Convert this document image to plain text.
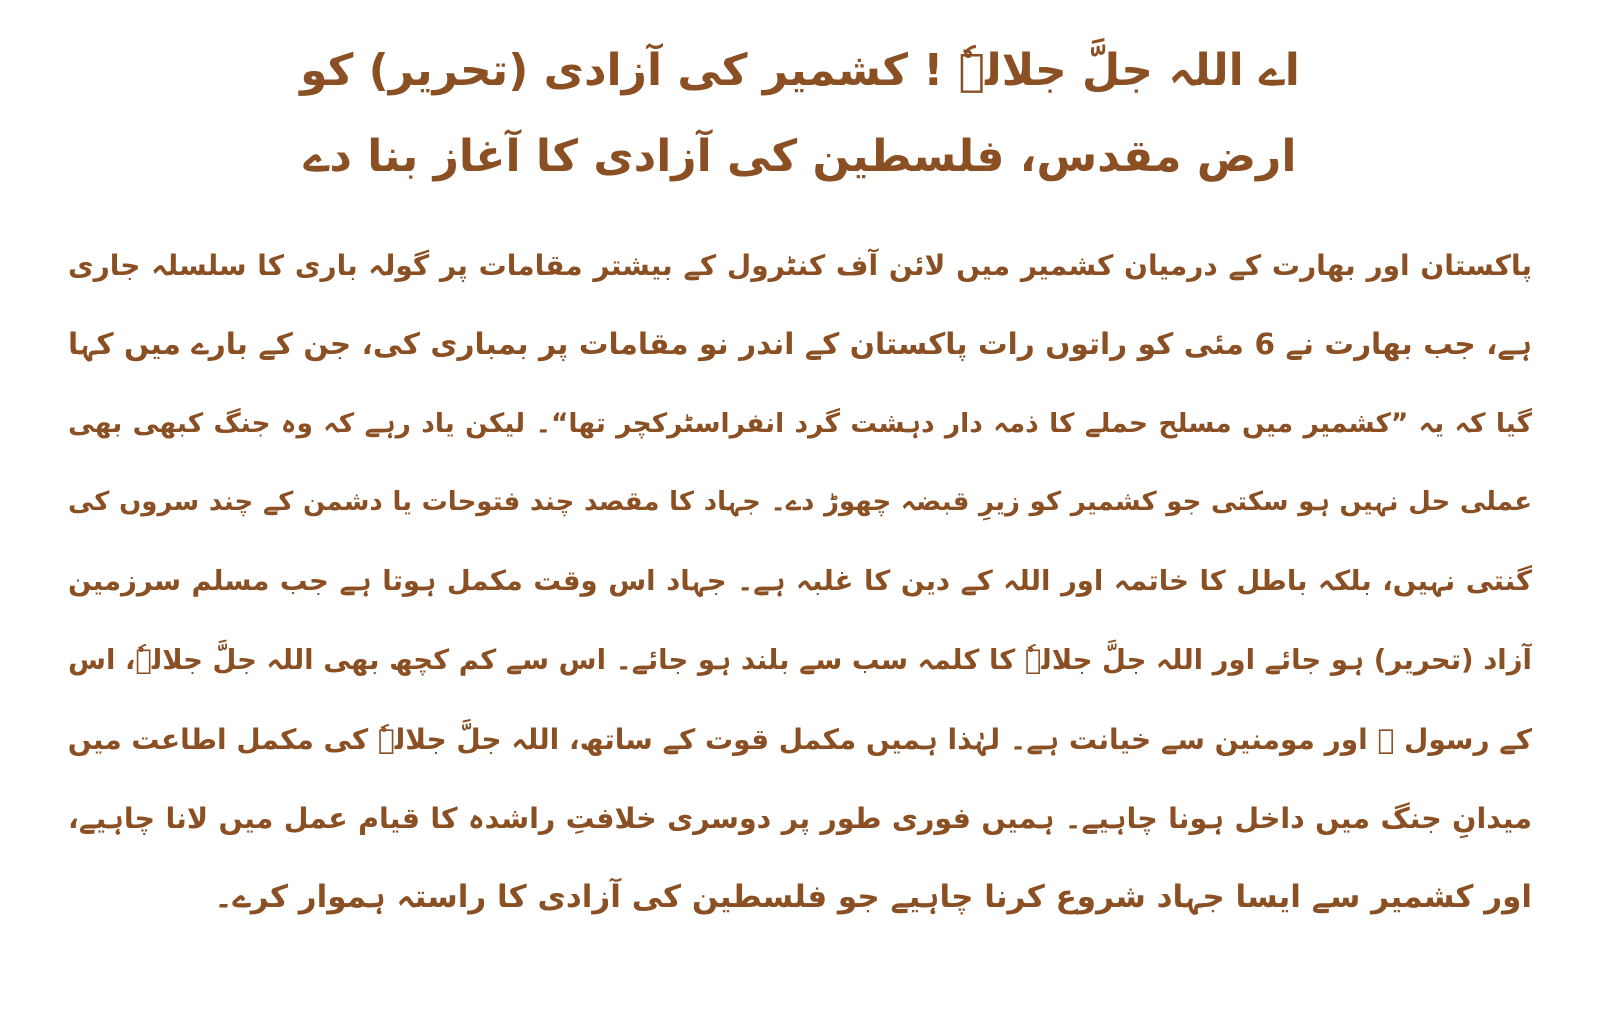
اے اللہ جلَّ جلالہٗ ! کشمیر کی آزادی (تحریر) کو
ارض مقدس، فلسطین کی آزادی کا آغاز بنا دے
پاکستان اور بھارت کے درمیان کشمیر میں لائن آف کنٹرول کے بیشتر مقامات پر گولہ باری کا سلسلہ جاری
ہے، جب بھارت نے 6 مئی کو راتوں رات پاکستان کے اندر نو مقامات پر بمباری کی، جن کے بارے میں کہا
گیا کہ یہ ”کشمیر میں مسلح حملے کا ذمہ دار دہشت گرد انفراسٹرکچر تھا“۔ لیکن یاد رہے کہ وہ جنگ کبھی بھی
عملی حل نہیں ہو سکتی جو کشمیر کو زیرِ قبضہ چھوڑ دے۔ جہاد کا مقصد چند فتوحات یا دشمن کے چند سروں کی
گنتی نہیں، بلکہ باطل کا خاتمہ اور اللہ کے دین کا غلبہ ہے۔ جہاد اس وقت مکمل ہوتا ہے جب مسلم سرزمین
آزاد (تحریر) ہو جائے اور اللہ جلَّ جلالہٗ کا کلمہ سب سے بلند ہو جائے۔ اس سے کم کچھ بھی اللہ جلَّ جلالہٗ، اس
کے رسول ﷺ اور مومنین سے خیانت ہے۔ لہٰذا ہمیں مکمل قوت کے ساتھ، اللہ جلَّ جلالہٗ کی مکمل اطاعت میں
میدانِ جنگ میں داخل ہونا چاہیے۔ ہمیں فوری طور پر دوسری خلافتِ راشدہ کا قیام عمل میں لانا چاہیے،
اور کشمیر سے ایسا جہاد شروع کرنا چاہیے جو فلسطین کی آزادی کا راستہ ہموار کرے۔
